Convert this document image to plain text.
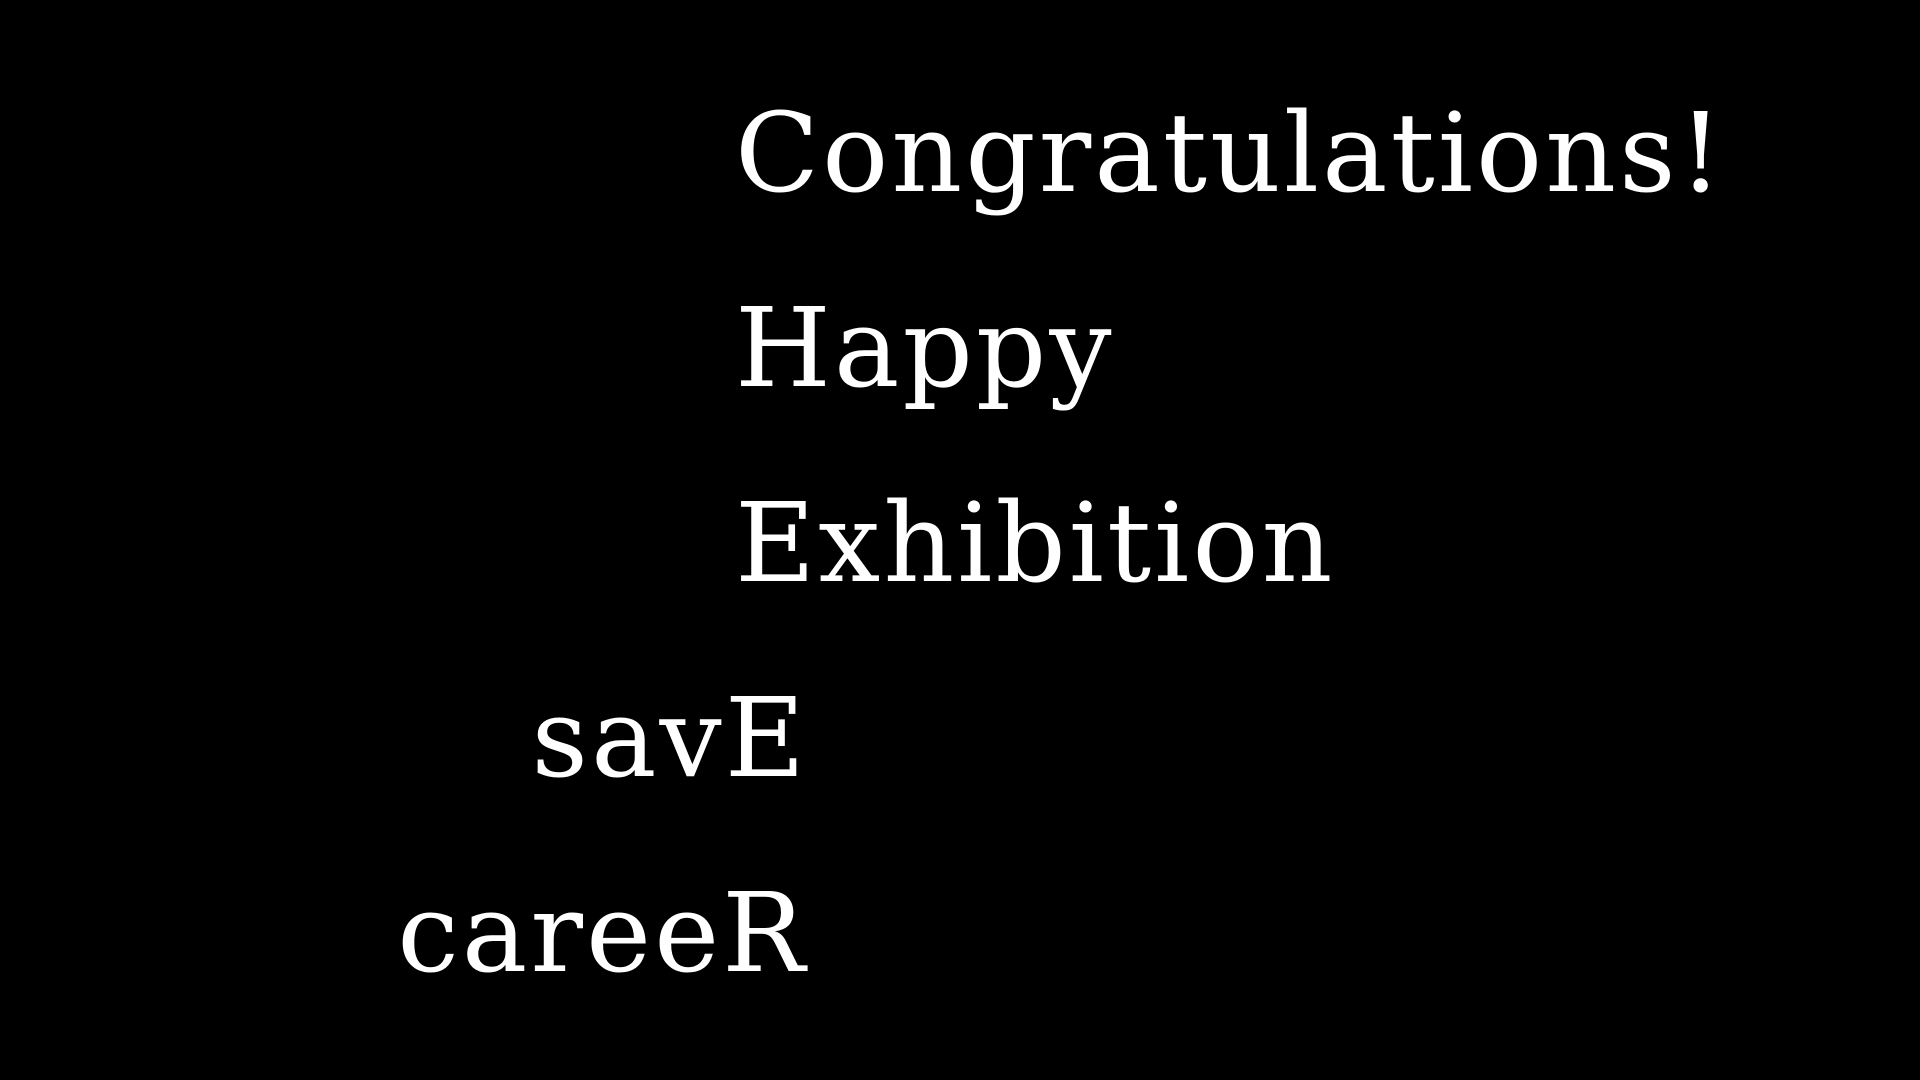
Congratulations!
Happy
Exhibition
savE
careeR
